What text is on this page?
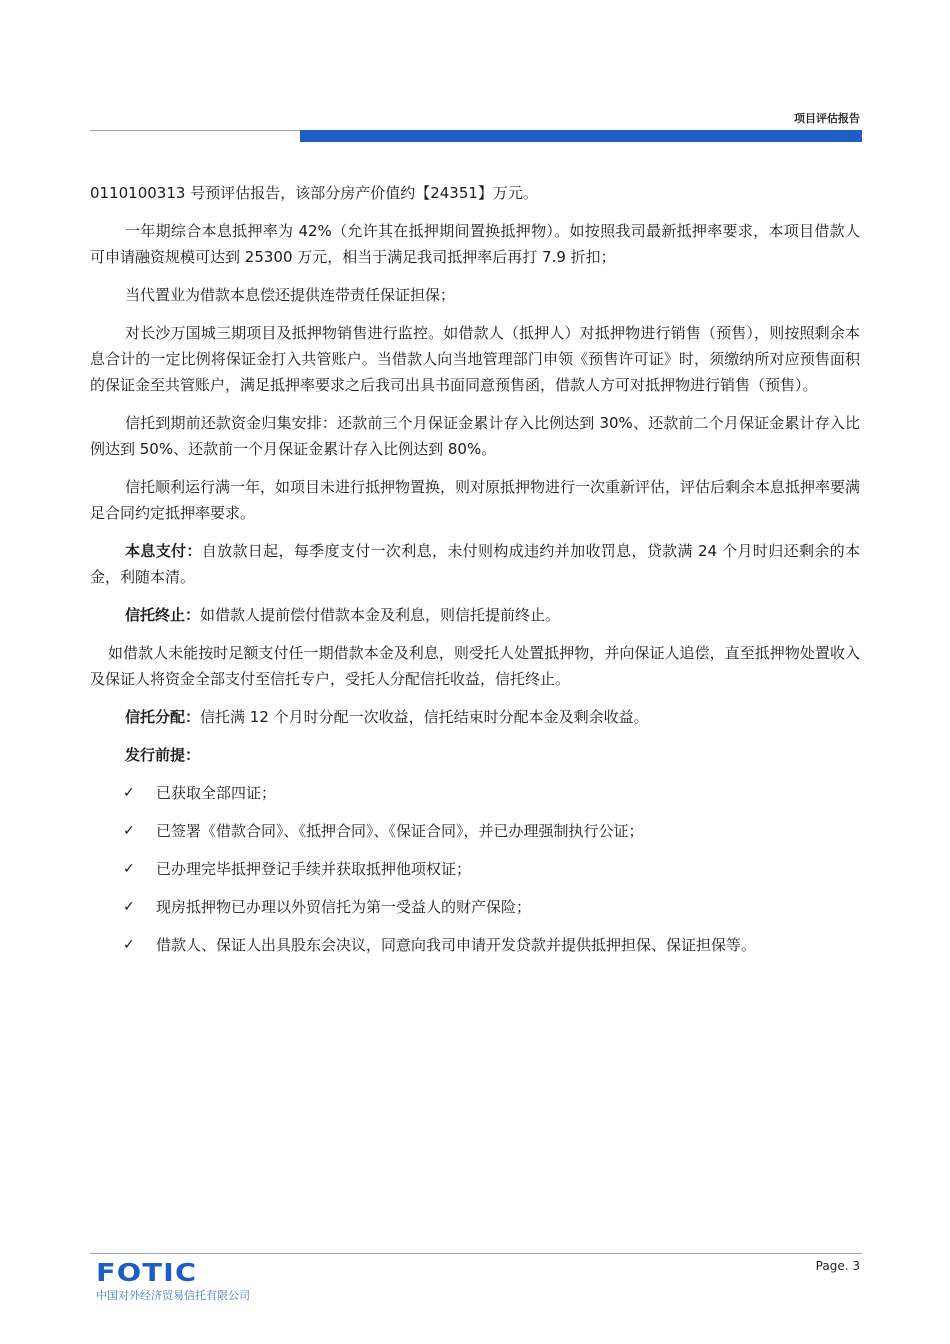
项目评估报告

0110100313 号预评估报告，该部分房产价值约【24351】万元。

一年期综合本息抵押率为 42%（允许其在抵押期间置换抵押物）。如按照我司最新抵押率要求，本项目借款人可申请融资规模可达到 25300 万元，相当于满足我司抵押率后再打 7.9 折扣；

当代置业为借款本息偿还提供连带责任保证担保；

对长沙万国城三期项目及抵押物销售进行监控。如借款人（抵押人）对抵押物进行销售（预售），则按照剩余本息合计的一定比例将保证金打入共管账户。当借款人向当地管理部门申领《预售许可证》时，须缴纳所对应预售面积的保证金至共管账户，满足抵押率要求之后我司出具书面同意预售函，借款人方可对抵押物进行销售（预售）。

信托到期前还款资金归集安排：还款前三个月保证金累计存入比例达到 30%、还款前二个月保证金累计存入比例达到 50%、还款前一个月保证金累计存入比例达到 80%。

信托顺利运行满一年，如项目未进行抵押物置换，则对原抵押物进行一次重新评估，评估后剩余本息抵押率要满足合同约定抵押率要求。

本息支付：自放款日起，每季度支付一次利息，未付则构成违约并加收罚息，贷款满 24 个月时归还剩余的本金，利随本清。

信托终止：如借款人提前偿付借款本金及利息，则信托提前终止。

如借款人未能按时足额支付任一期借款本金及利息，则受托人处置抵押物，并向保证人追偿，直至抵押物处置收入及保证人将资金全部支付至信托专户，受托人分配信托收益，信托终止。

信托分配：信托满 12 个月时分配一次收益，信托结束时分配本金及剩余收益。

发行前提：

✓	已获取全部四证；
✓	已签署《借款合同》、《抵押合同》、《保证合同》，并已办理强制执行公证；
✓	已办理完毕抵押登记手续并获取抵押他项权证；
✓	现房抵押物已办理以外贸信托为第一受益人的财产保险；
✓	借款人、保证人出具股东会决议，同意向我司申请开发贷款并提供抵押担保、保证担保等。
FOTIC
中国对外经济贸易信托有限公司
Page. 3
